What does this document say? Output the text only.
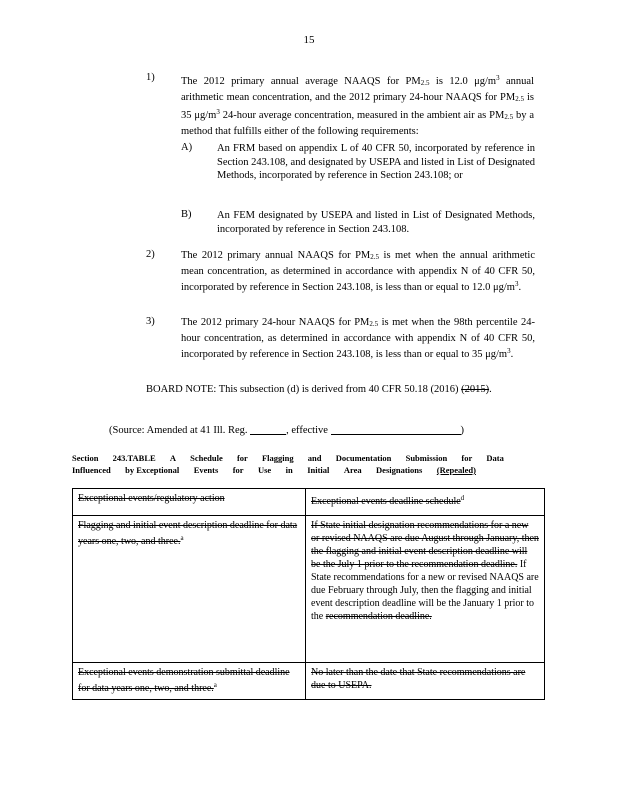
15
1)	The 2012 primary annual average NAAQS for PM2.5 is 12.0 $\mu g/m^3$ annual arithmetic mean concentration, and the 2012 primary 24-hour NAAQS for PM2.5 is 35 $\mu g/m^3$ 24-hour average concentration, measured in the ambient air as PM2.5 by a method that fulfills either of the following requirements:
A) An FRM based on appendix L of 40 CFR 50, incorporated by reference in Section 243.108, and designated by USEPA and listed in List of Designated Methods, incorporated by reference in Section 243.108; or
B) An FEM designated by USEPA and listed in List of Designated Methods, incorporated by reference in Section 243.108.
2)	The 2012 primary annual NAAQS for PM2.5 is met when the annual arithmetic mean concentration, as determined in accordance with appendix N of 40 CFR 50, incorporated by reference in Section 243.108, is less than or equal to 12.0 $\mu g/m^3$.
3)	The 2012 primary 24-hour NAAQS for PM2.5 is met when the 98th percentile 24-hour concentration, as determined in accordance with appendix N of 40 CFR 50, incorporated by reference in Section 243.108, is less than or equal to 35 $\mu g/m^3$.
BOARD NOTE: This subsection (d) is derived from 40 CFR 50.18 (2016) (2015).
(Source: Amended at 41 Ill. Reg.	, effective	)
Section 243.TABLE A Schedule for Flagging and Documentation Submission for Data
Influenced by Exceptional Events for Use in Initial Area Designations (Repealed)
Exceptional events/regulatory action	Exceptional events deadline schedule$^d$
Flagging and initial event description deadline for data years one, two, and three.$^a$	If State initial designation recommendations for a new or revised NAAQS are due August through January, then the flagging and initial event description deadline will be the July 1 prior to the recommendation deadline. If State recommendations for a new or revised NAAQS are due February through July, then the flagging and initial event description deadline will be the January 1 prior to the recommendation deadline.
Exceptional events demonstration submittal deadline for data years one, two, and three.$^a$	No later than the date that State recommendations are due to USEPA.
